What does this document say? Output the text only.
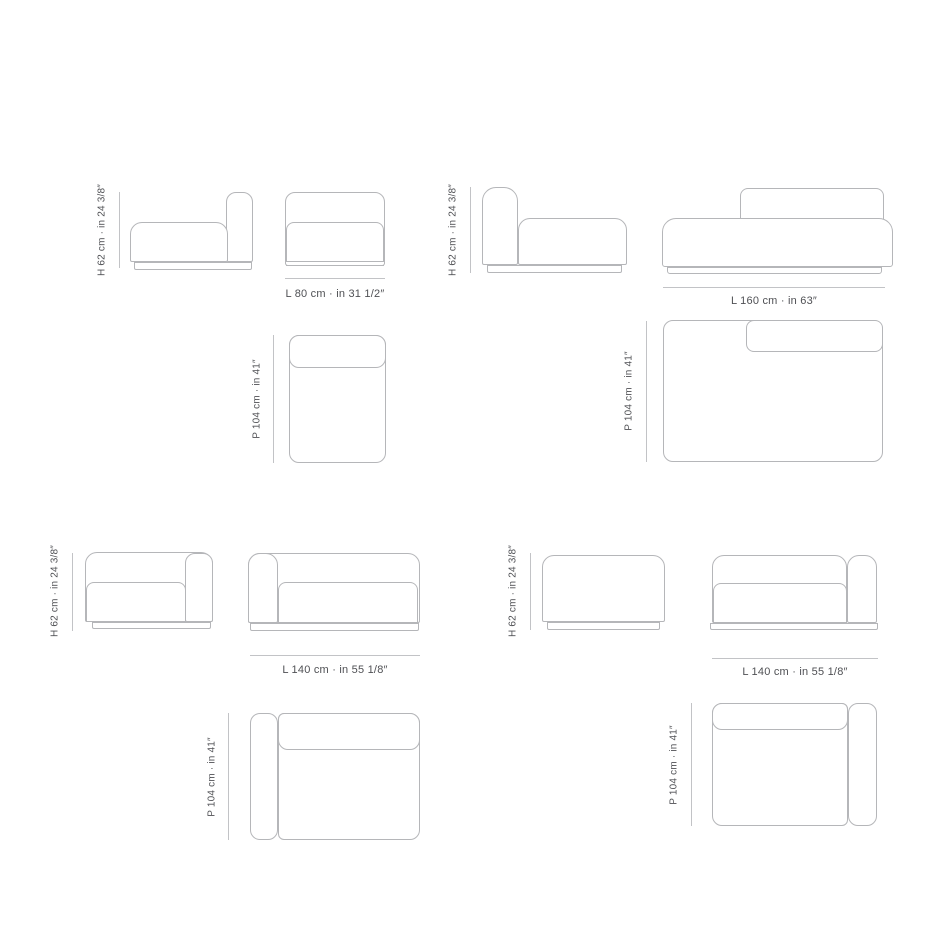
H 62 cm · in 24 3/8″
L 80 cm · in 31 1/2″
P 104 cm · in 41″
H 62 cm · in 24 3/8″
L 160 cm · in 63″
P 104 cm · in 41″
H 62 cm · in 24 3/8″
L 140 cm · in 55 1/8″
P 104 cm · in 41″
H 62 cm · in 24 3/8″
L 140 cm · in 55 1/8″
P 104 cm · in 41″
